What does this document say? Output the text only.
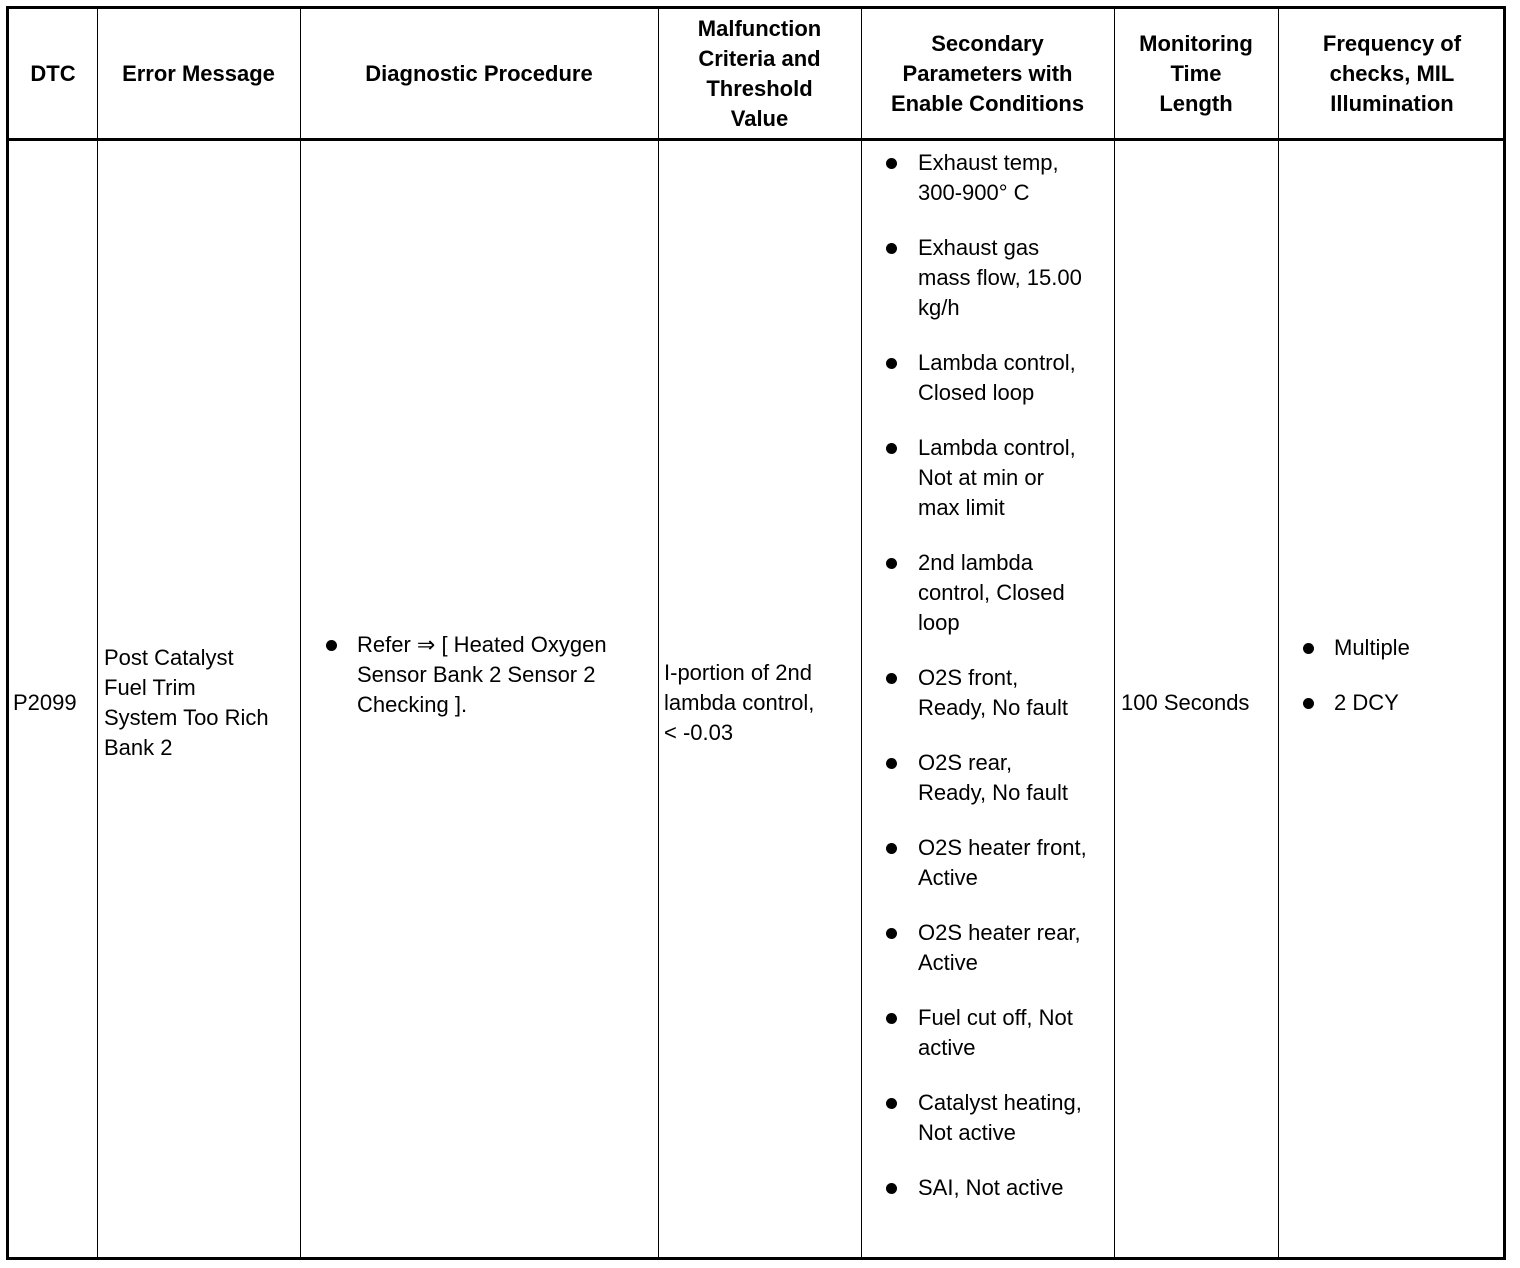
DTC Error Message	Diagnostic Procedure
Malfunction
Criteria and
Threshold
Value
Secondary
Parameters with
Enable Conditions
Monitoring
Time
Length
Frequency of
checks, MIL
Illumination
P2099
Post Catalyst
Fuel Trim
System Too Rich
Bank 2
Refer ⇒ [ Heated Oxygen
Sensor Bank 2 Sensor 2
Checking ].
I-portion of 2nd
lambda control,
< -0.03
Exhaust temp,
300-900° C
Exhaust gas
mass flow, 15.00
kg/h
Lambda control,
Closed loop
Lambda control,
Not at min or
max limit
2nd lambda
control, Closed
loop
O2S front,
Ready, No fault
O2S rear,
Ready, No fault
O2S heater front,
Active
O2S heater rear,
Active
Fuel cut off, Not
active
Catalyst heating,
Not active
SAI, Not active
100 Seconds
Multiple
2 DCY
